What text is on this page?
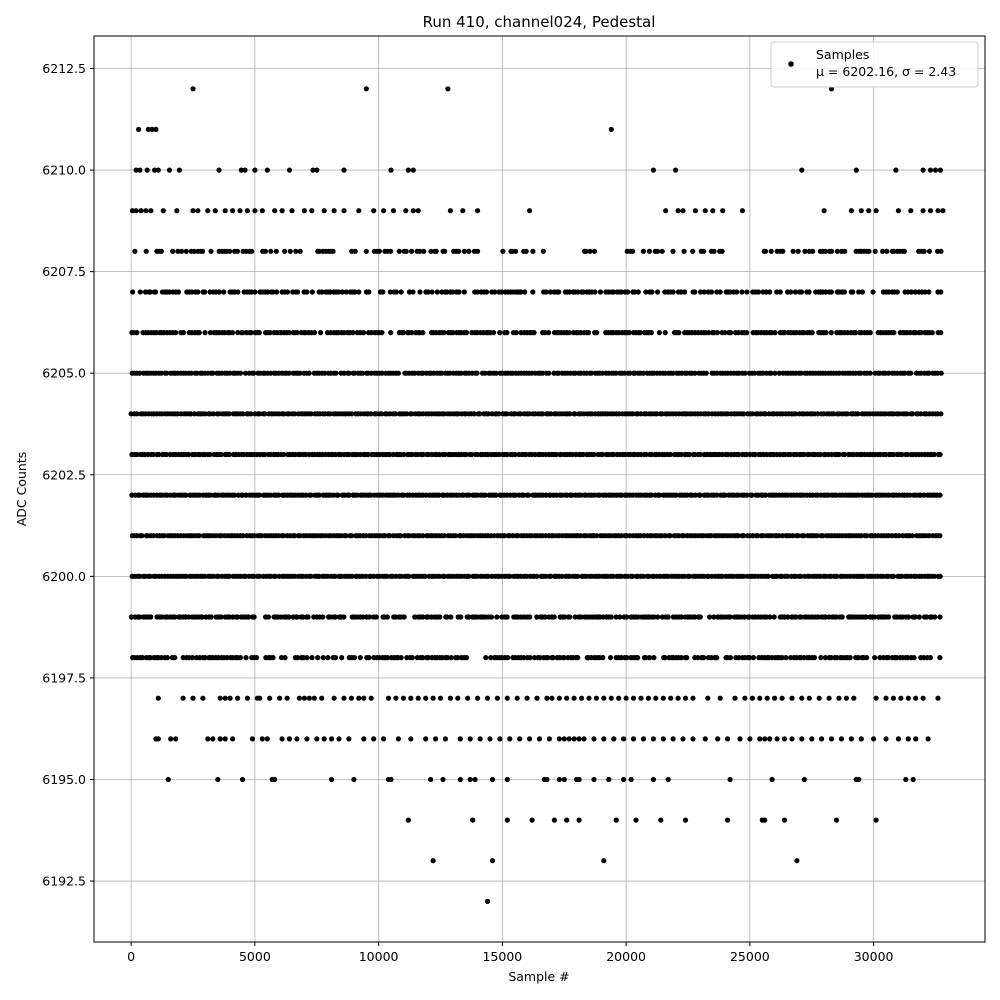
Run 410, channel024, Pedestal
0	5000	10000	15000	20000	25000	30000
6192.5
6195.0
6197.5
6200.0
6202.5
6205.0
6207.5
6210.0
6212.5
Sample #
ADC Counts
Samples
μ = 6202.16, σ = 2.43
